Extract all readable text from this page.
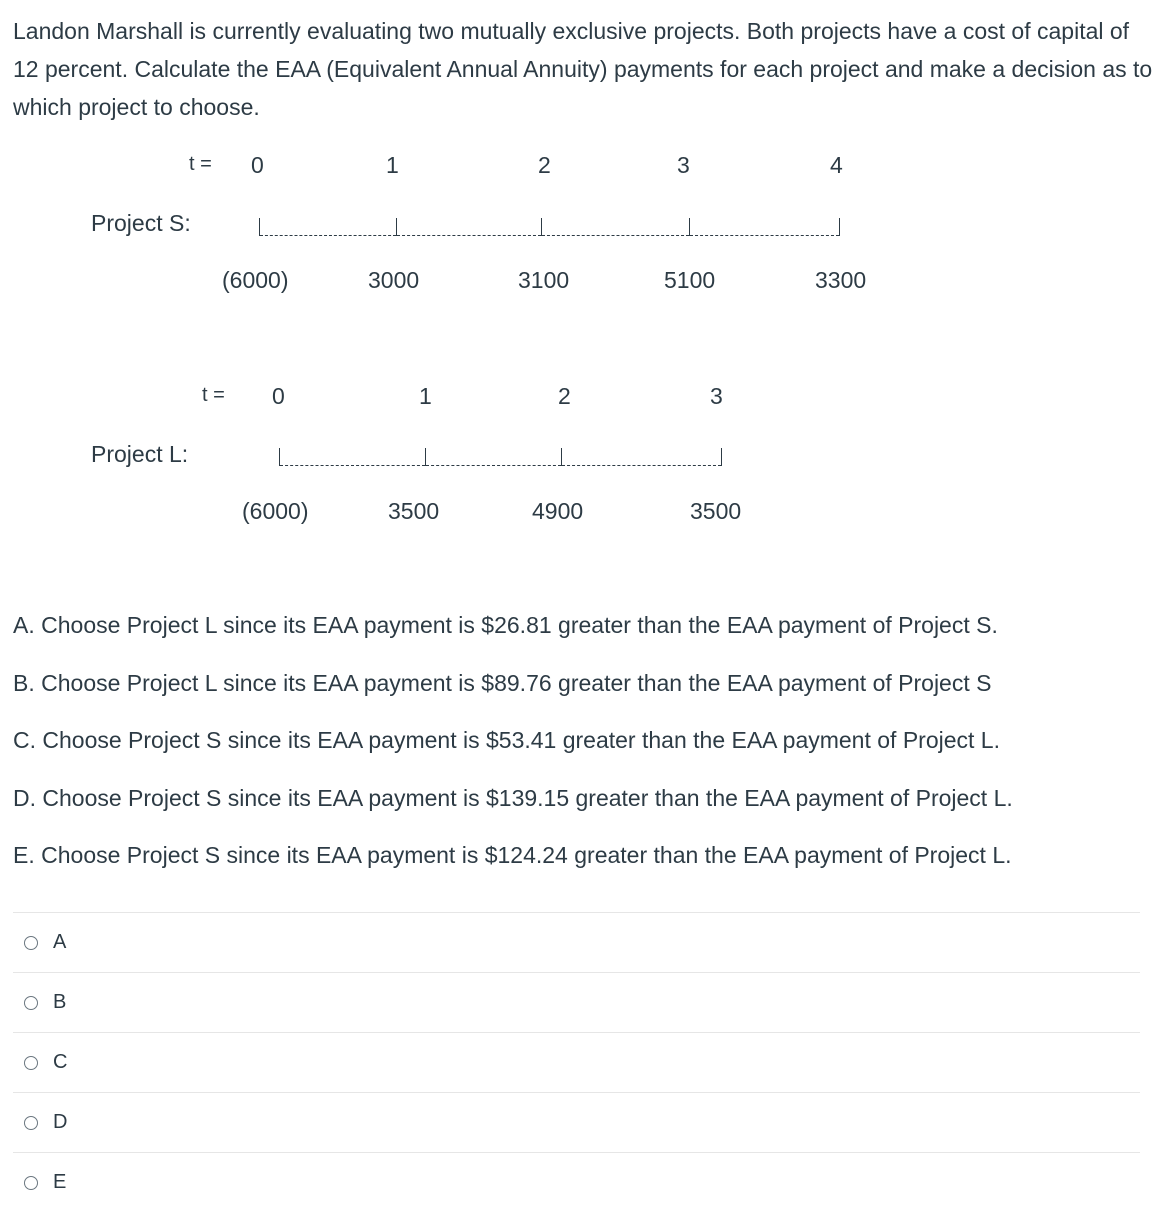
Landon Marshall is currently evaluating two mutually exclusive projects. Both projects have a cost of capital of 12 percent. Calculate the EAA (Equivalent Annual Annuity) payments for each project and make a decision as to which project to choose.

t = 0	1	2	3	4
Project S:
(6000)	3000	3100	5100	3300
t = 0	1	2	3
Project L:
(6000)	3500	4900	3500
A. Choose Project L since its EAA payment is $26.81 greater than the EAA payment of Project S.
B. Choose Project L since its EAA payment is $89.76 greater than the EAA payment of Project S
C. Choose Project S since its EAA payment is $53.41 greater than the EAA payment of Project L.
D. Choose Project S since its EAA payment is $139.15 greater than the EAA payment of Project L.
E. Choose Project S since its EAA payment is $124.24 greater than the EAA payment of Project L.
A
B
C
D
E
